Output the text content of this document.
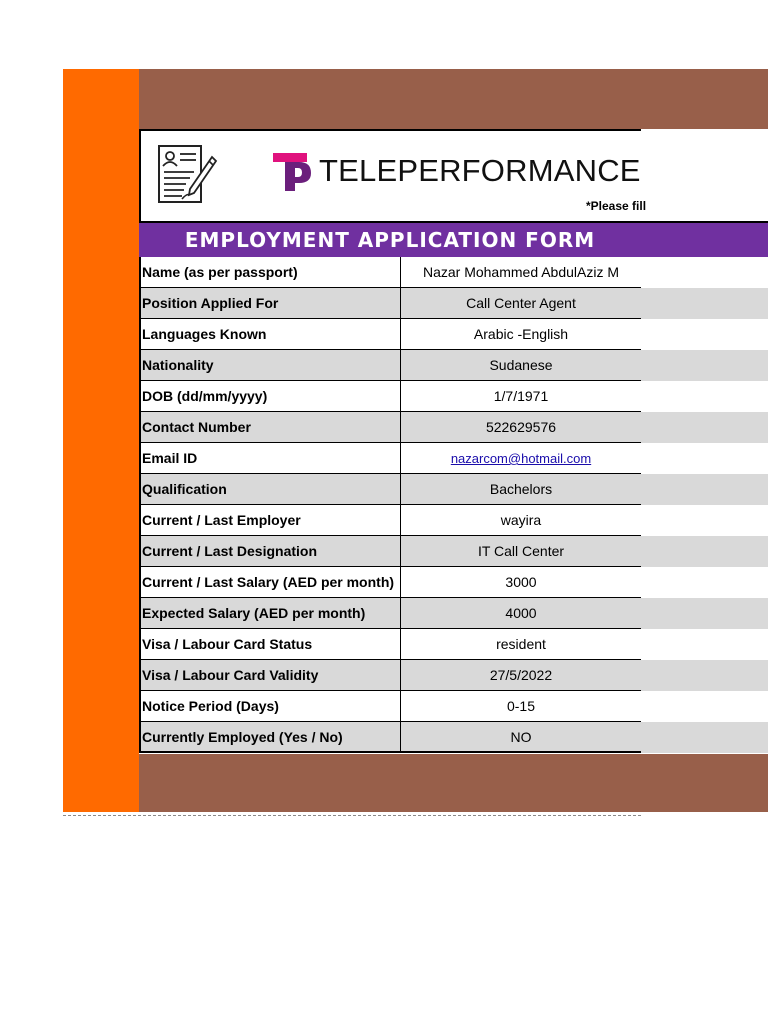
TELEPERFORMANCE
*Please fill
EMPLOYMENT APPLICATION FORM
Name (as per passport)	Nazar Mohammed AbdulAziz M
Position Applied For	Call Center Agent
Languages Known	Arabic -English
Nationality	Sudanese
DOB (dd/mm/yyyy)	1/7/1971
Contact Number	522629576
Email ID	nazarcom@hotmail.com
Qualification	Bachelors
Current / Last Employer	wayira
Current / Last Designation	IT Call Center
Current / Last Salary (AED per month)	3000
Expected Salary (AED per month)	4000
Visa / Labour Card Status	resident
Visa / Labour Card Validity	27/5/2022
Notice Period (Days)	0-15
Currently Employed (Yes / No)	NO
